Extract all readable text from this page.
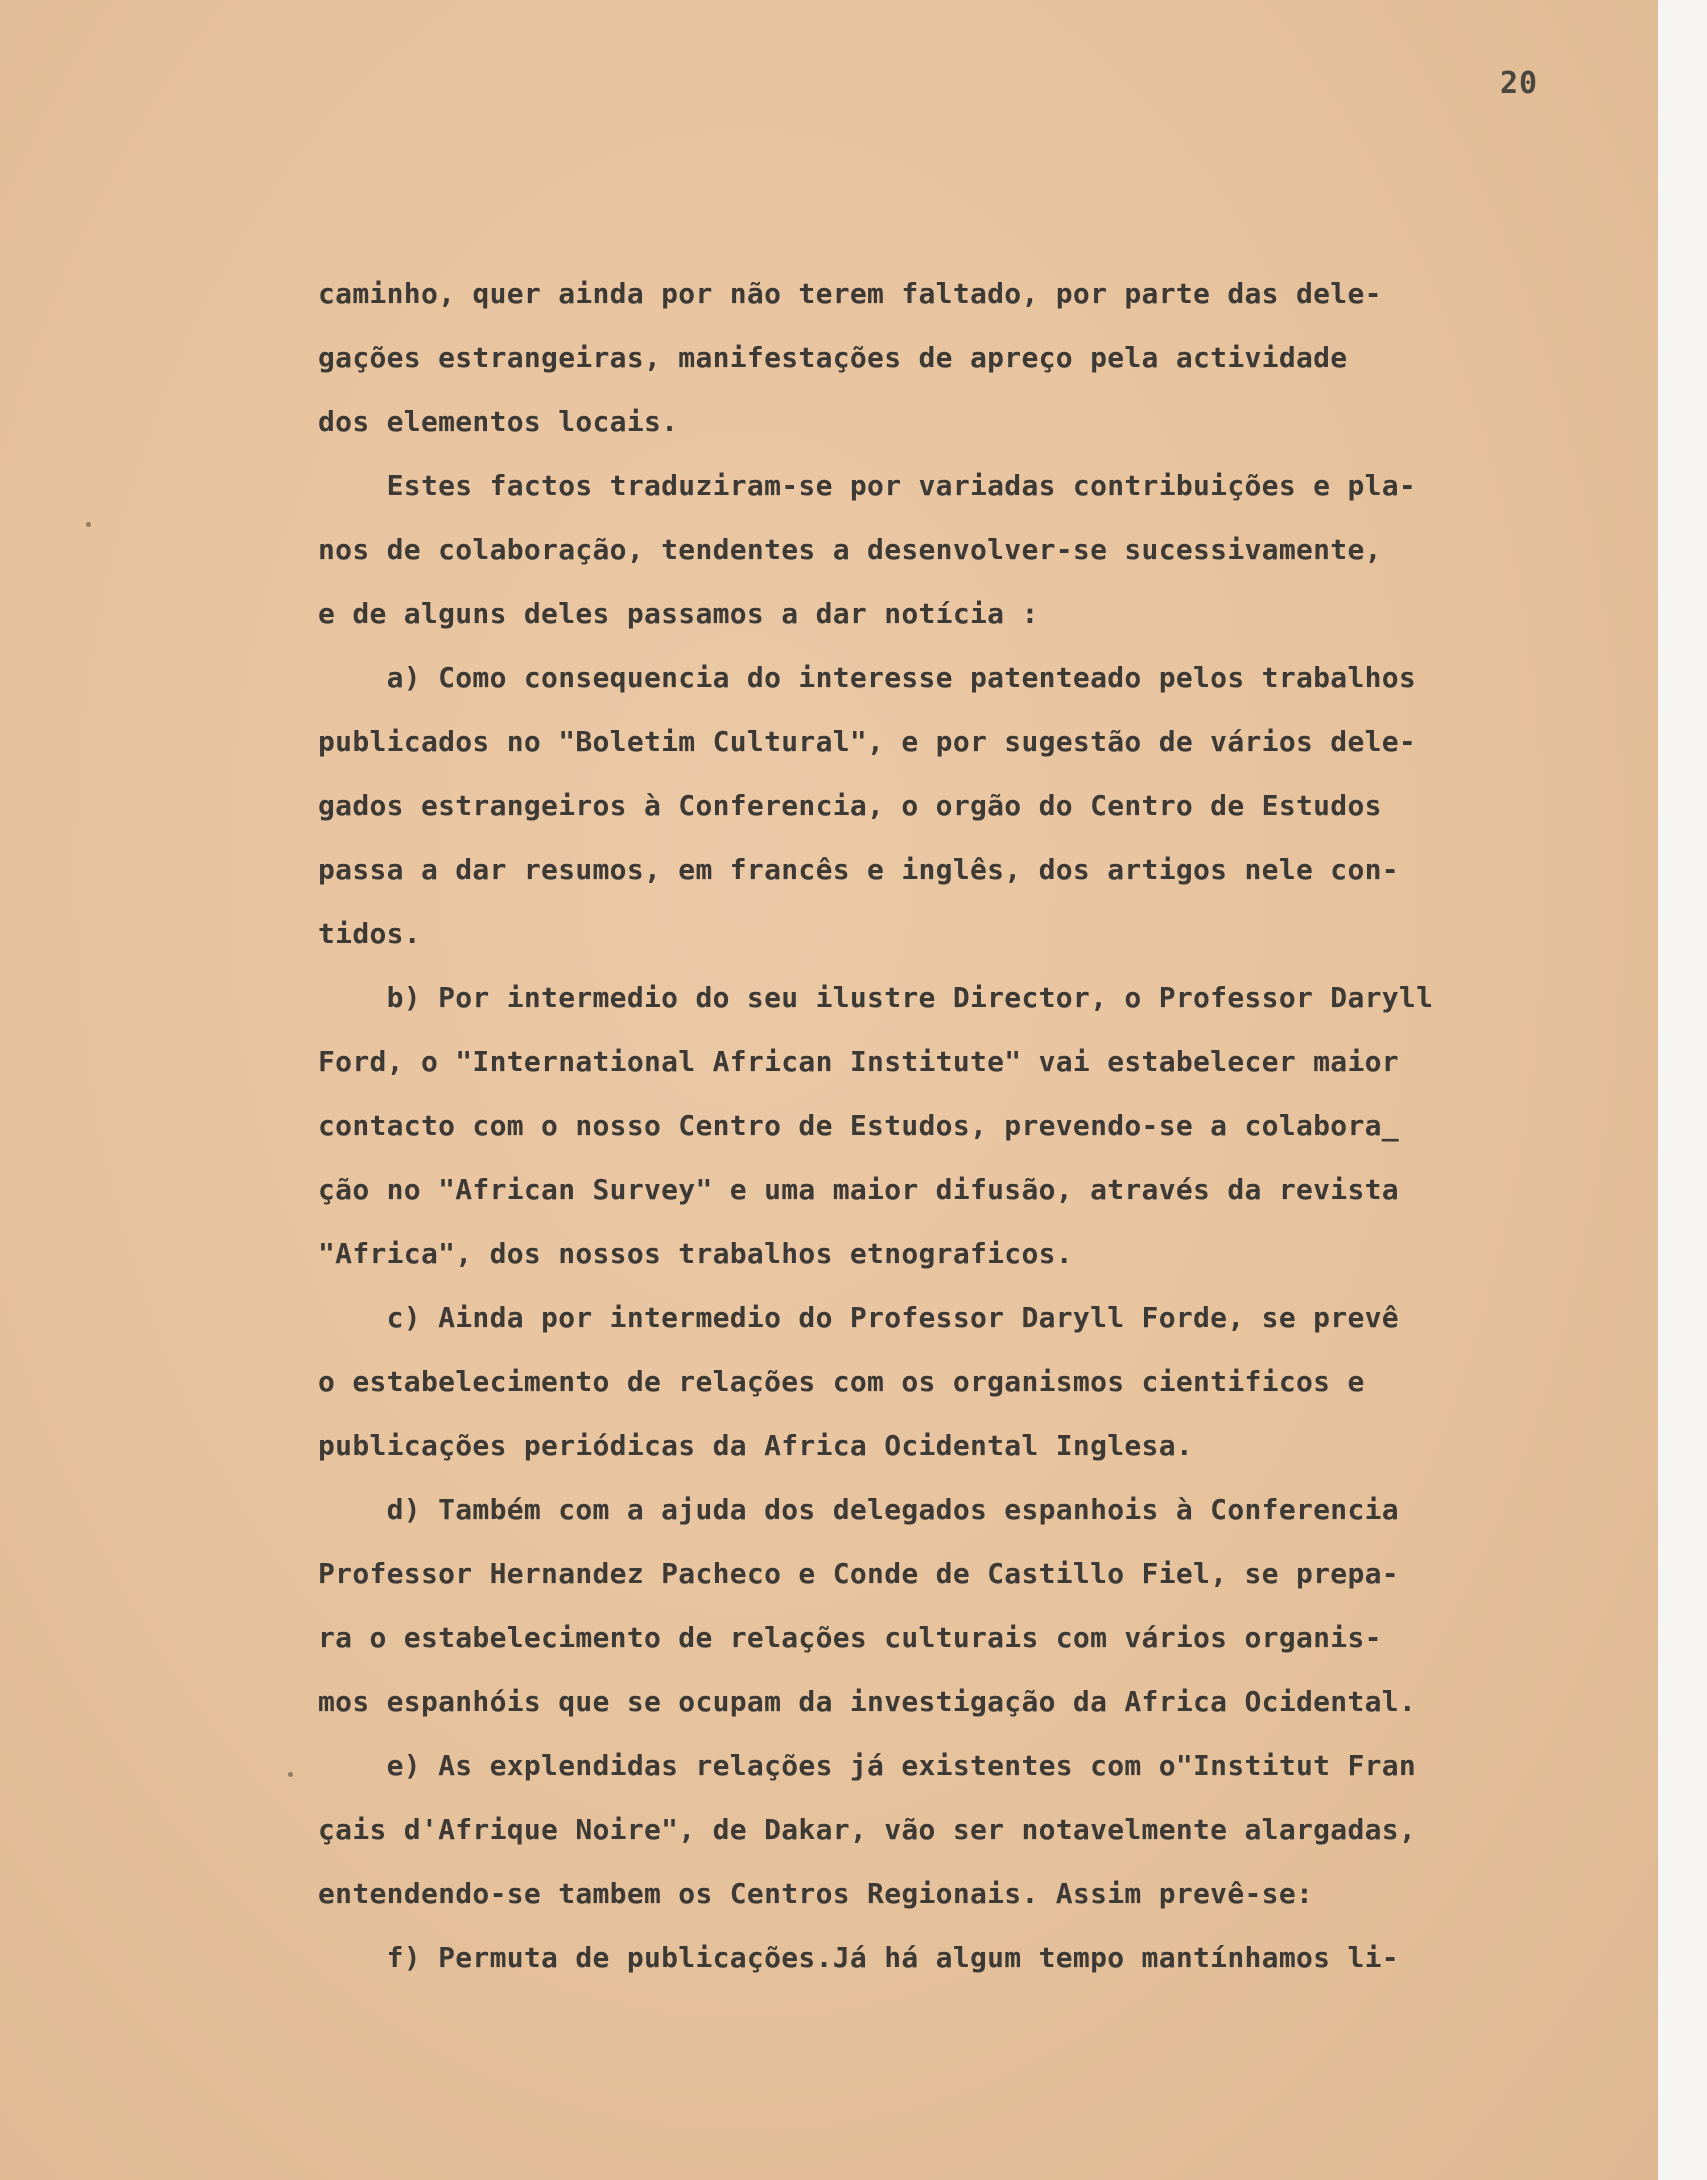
20
caminho, quer ainda por não terem faltado, por parte das dele-
gações estrangeiras, manifestações de apreço pela actividade
dos elementos locais.
Estes factos traduziram-se por variadas contribuições e pla-
nos de colaboração, tendentes a desenvolver-se sucessivamente,
e de alguns deles passamos a dar notícia :
a) Como consequencia do interesse patenteado pelos trabalhos
publicados no "Boletim Cultural", e por sugestão de vários dele-
gados estrangeiros à Conferencia, o orgão do Centro de Estudos
passa a dar resumos, em francês e inglês, dos artigos nele con-
tidos.
b) Por intermedio do seu ilustre Director, o Professor Daryll
Ford, o "International African Institute" vai estabelecer maior
contacto com o nosso Centro de Estudos, prevendo-se a colabora_
ção no "African Survey" e uma maior difusão, através da revista
"Africa", dos nossos trabalhos etnograficos.
c) Ainda por intermedio do Professor Daryll Forde, se prevê
o estabelecimento de relações com os organismos cientificos e
publicações periódicas da Africa Ocidental Inglesa.
d) Também com a ajuda dos delegados espanhois à Conferencia
Professor Hernandez Pacheco e Conde de Castillo Fiel, se prepa-
ra o estabelecimento de relações culturais com vários organis-
mos espanhóis que se ocupam da investigação da Africa Ocidental.
e) As explendidas relações já existentes com o"Institut Fran
çais d'Afrique Noire", de Dakar, vão ser notavelmente alargadas,
entendendo-se tambem os Centros Regionais. Assim prevê-se:
f) Permuta de publicações.Já há algum tempo mantínhamos li-
